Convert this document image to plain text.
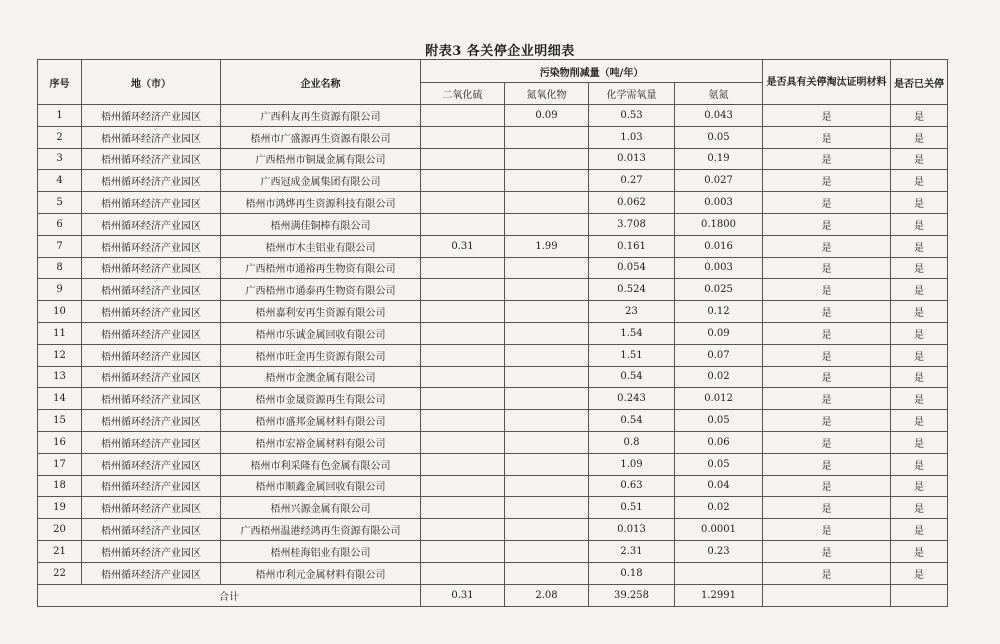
附表3 各关停企业明细表
序号	地（市）	企业名称	污染物削减量（吨/年）				是否具有关停淘汰证明材料	是否已关停
			二氧化硫	氮氧化物	化学需氧量	氨氮		
1	梧州循环经济产业园区	广西科友再生资源有限公司		0.09	0.53	0.043	是	是
2	梧州循环经济产业园区	梧州市广盛源再生资源有限公司			1.03	0.05	是	是
3	梧州循环经济产业园区	广西梧州市铜晟金属有限公司			0.013	0.19	是	是
4	梧州循环经济产业园区	广西冠成金属集团有限公司			0.27	0.027	是	是
5	梧州循环经济产业园区	梧州市鸿烨再生资源科技有限公司			0.062	0.003	是	是
6	梧州循环经济产业园区	梧州满佳铜棒有限公司			3.708	0.1800	是	是
7	梧州循环经济产业园区	梧州市木圭铝业有限公司	0.31	1.99	0.161	0.016	是	是
8	梧州循环经济产业园区	广西梧州市通裕再生物资有限公司			0.054	0.003	是	是
9	梧州循环经济产业园区	广西梧州市通泰再生物资有限公司			0.524	0.025	是	是
10	梧州循环经济产业园区	梧州嘉利安再生资源有限公司			23	0.12	是	是
11	梧州循环经济产业园区	梧州市乐诚金属回收有限公司			1.54	0.09	是	是
12	梧州循环经济产业园区	梧州市旺金再生资源有限公司			1.51	0.07	是	是
13	梧州循环经济产业园区	梧州市金澳金属有限公司			0.54	0.02	是	是
14	梧州循环经济产业园区	梧州市金晟资源再生有限公司			0.243	0.012	是	是
15	梧州循环经济产业园区	梧州市盛邦金属材料有限公司			0.54	0.05	是	是
16	梧州循环经济产业园区	梧州市宏裕金属材料有限公司			0.8	0.06	是	是
17	梧州循环经济产业园区	梧州市利采隆有色金属有限公司			1.09	0.05	是	是
18	梧州循环经济产业园区	梧州市顺鑫金属回收有限公司			0.63	0.04	是	是
19	梧州循环经济产业园区	梧州兴源金属有限公司			0.51	0.02	是	是
20	梧州循环经济产业园区	广西梧州温港经鸿再生资源有限公司			0.013	0.0001	是	是
21	梧州循环经济产业园区	梧州桂海铝业有限公司			2.31	0.23	是	是
22	梧州循环经济产业园区	梧州市利元金属材料有限公司			0.18		是	是
合计			0.31	2.08	39.258	1.2991		
